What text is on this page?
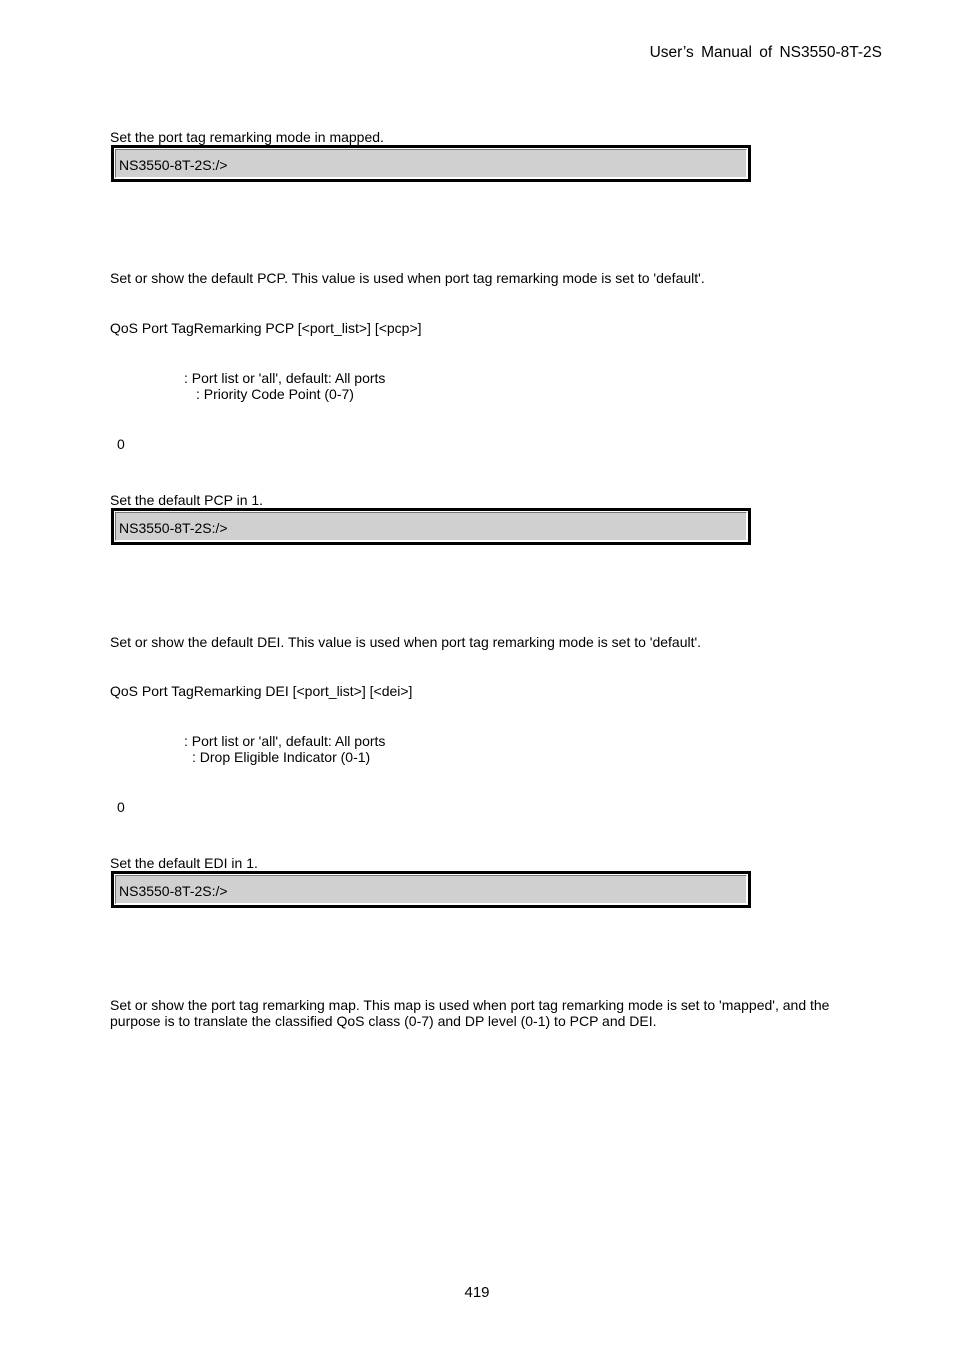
User’s Manual of NS3550-8T-2S
Set the port tag remarking mode in mapped.
NS3550-8T-2S:/>
Set or show the default PCP. This value is used when port tag remarking mode is set to 'default'.
QoS Port TagRemarking PCP [<port_list>] [<pcp>]
: Port list or 'all', default: All ports
: Priority Code Point (0-7)
0
Set the default PCP in 1.
NS3550-8T-2S:/>
Set or show the default DEI. This value is used when port tag remarking mode is set to 'default'.
QoS Port TagRemarking DEI [<port_list>] [<dei>]
: Port list or 'all', default: All ports
: Drop Eligible Indicator (0-1)
0
Set the default EDI in 1.
NS3550-8T-2S:/>
Set or show the port tag remarking map. This map is used when port tag remarking mode is set to 'mapped', and the
purpose is to translate the classified QoS class (0-7) and DP level (0-1) to PCP and DEI.
419
